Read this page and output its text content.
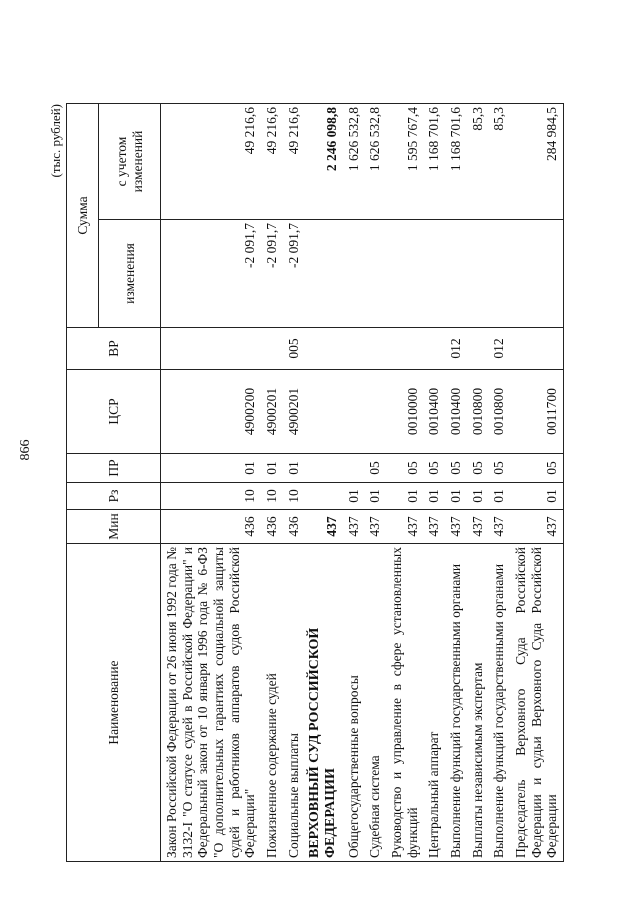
866
(тыс. рублей)
Наименование	Мин	Рз	ПР	ЦСР	ВР	Сумма	
						изменения	с учетом изменений
Закон Российской Федерации от 26 июня 1992 года № 3132-I "О статусе судей в Российской Федерации" и Федеральный закон от 10 января 1996 года № 6-ФЗ "О дополнительных гарантиях социальной защиты судей и работников аппаратов судов Российской Федерации"	436	10	01	4900200		-2 091,7	49 216,6
Пожизненное содержание судей	436	10	01	4900201		-2 091,7	49 216,6
Социальные выплаты	436	10	01	4900201	005	-2 091,7	49 216,6
ВЕРХОВНЫЙ СУД РОССИЙСКОЙ ФЕДЕРАЦИИ	437						2 246 098,8
Общегосударственные вопросы	437	01					1 626 532,8
Судебная система	437	01	05				1 626 532,8
Руководство и управление в сфере установленных функций	437	01	05	0010000			1 595 767,4
Центральный аппарат	437	01	05	0010400			1 168 701,6
Выполнение функций государственными органами	437	01	05	0010400	012		1 168 701,6
Выплаты независимым экспертам	437	01	05	0010800			85,3
Выполнение функций государственными органами	437	01	05	0010800	012		85,3
Председатель Верховного Суда Российской Федерации и судьи Верховного Суда Российской Федерации	437	01	05	0011700			284 984,5
